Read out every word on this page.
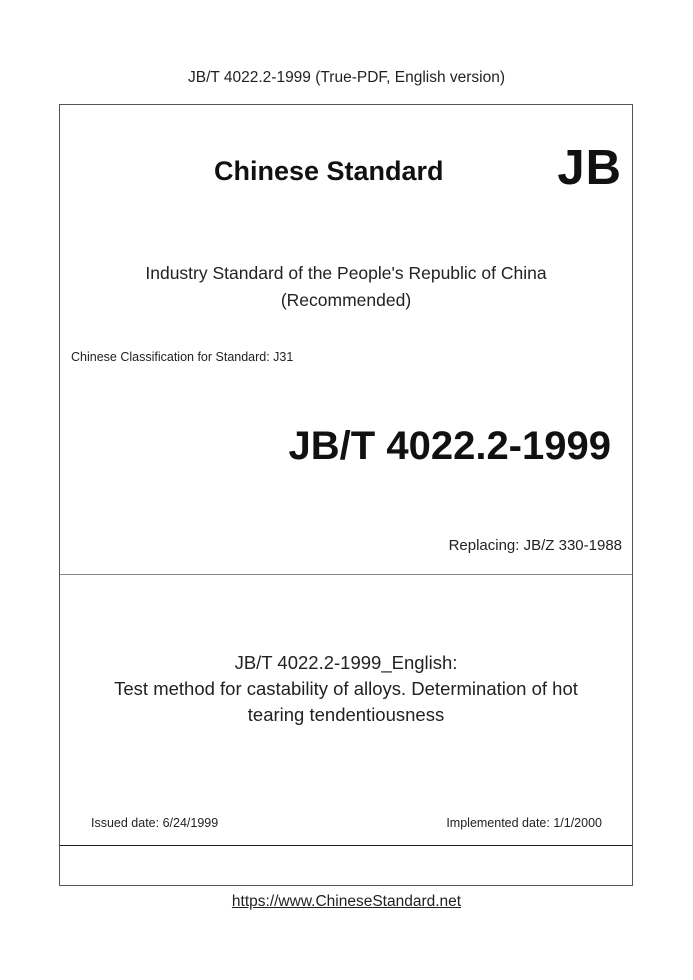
JB/T 4022.2-1999 (True-PDF, English version)
Chinese Standard JB
Industry Standard of the People's Republic of China
(Recommended)
Chinese Classification for Standard: J31
JB/T 4022.2-1999
Replacing: JB/Z 330-1988
JB/T 4022.2-1999_English:
Test method for castability of alloys. Determination of hot
tearing tendentiousness
Issued date: 6/24/1999	Implemented date: 1/1/2000
https://www.ChineseStandard.net
